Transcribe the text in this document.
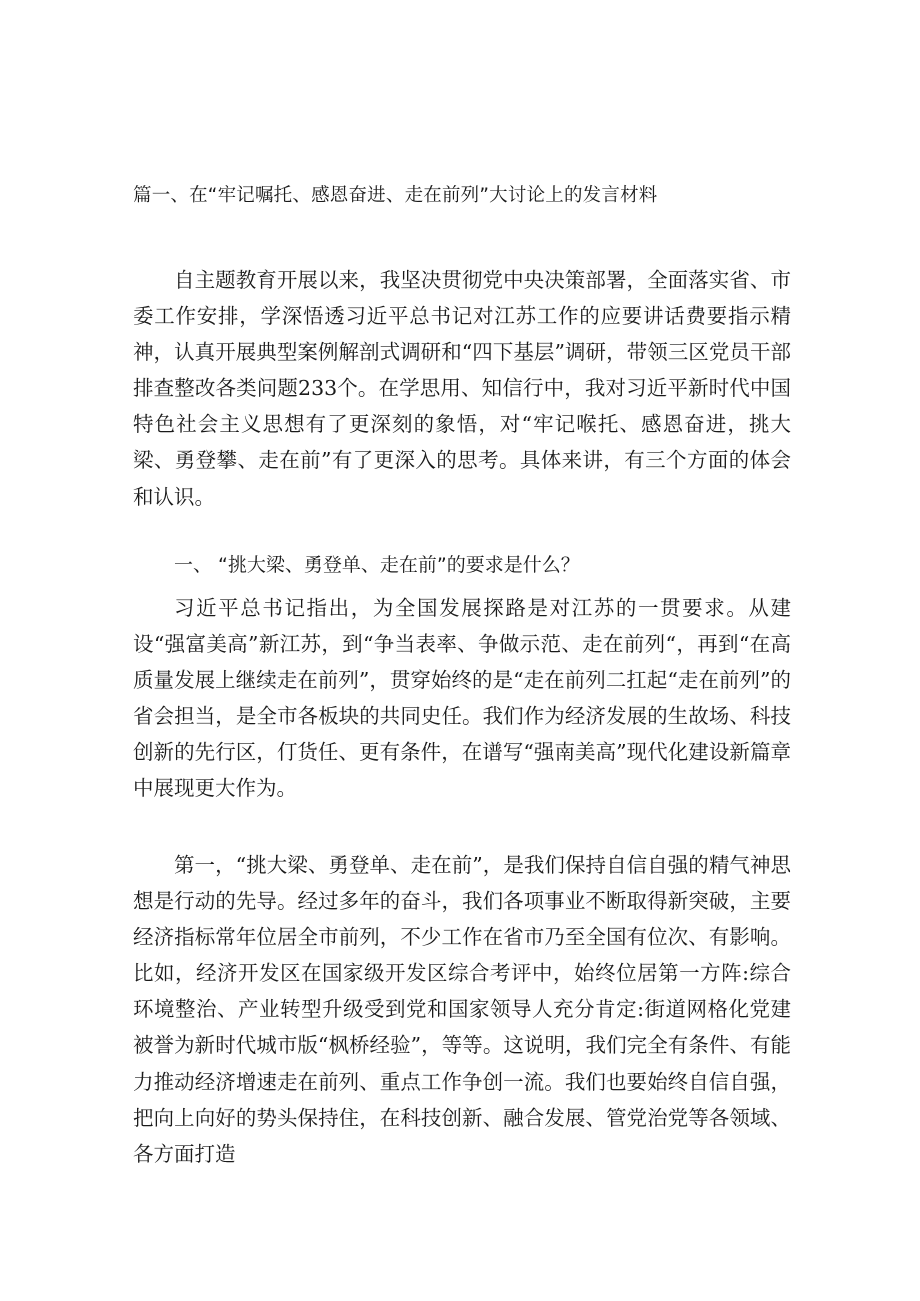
篇一、在“牢记嘱托、感恩奋进、走在前列”大讨论上的发言材料

自主题教育开展以来，我坚决贯彻党中央决策部署，全面落实省、市委工作安排，学深悟透习近平总书记对江苏工作的应要讲话费要指示精神，认真开展典型案例解剖式调研和“四下基层”调研，带领三区党员干部排查整改各类问题233个。在学思用、知信行中，我对习近平新时代中国特色社会主义思想有了更深刻的象悟，对“牢记喉托、感恩奋进，挑大梁、勇登攀、走在前”有了更深入的思考。具体来讲，有三个方面的体会和认识。

一、 “挑大梁、勇登单、走在前”的要求是什么？

习近平总书记指出，为全国发展探路是对江苏的一贯要求。从建设“强富美高”新江苏，到“争当表率、争做示范、走在前列“，再到“在高质量发展上继续走在前列”，贯穿始终的是“走在前列二扛起“走在前列”的省会担当，是全市各板块的共同史任。我们作为经济发展的生故场、科技创新的先行区，仃货任、更有条件，在谱写“强南美高”现代化建设新篇章中展现更大作为。

第一，“挑大梁、勇登单、走在前”，是我们保持自信自强的精气神思想是行动的先导。经过多年的奋斗，我们各项事业不断取得新突破，主要经济指标常年位居全市前列，不少工作在省市乃至全国有位次、有影响。比如，经济开发区在国家级开发区综合考评中，始终位居第一方阵:综合环境整治、产业转型升级受到党和国家领导人充分肯定:街道网格化党建被誉为新时代城市版“枫桥经验”，等等。这说明，我们完全有条件、有能力推动经济增速走在前列、重点工作争创一流。我们也要始终自信自强，把向上向好的势头保持住，在科技创新、融合发展、管党治党等各领域、各方面打造
